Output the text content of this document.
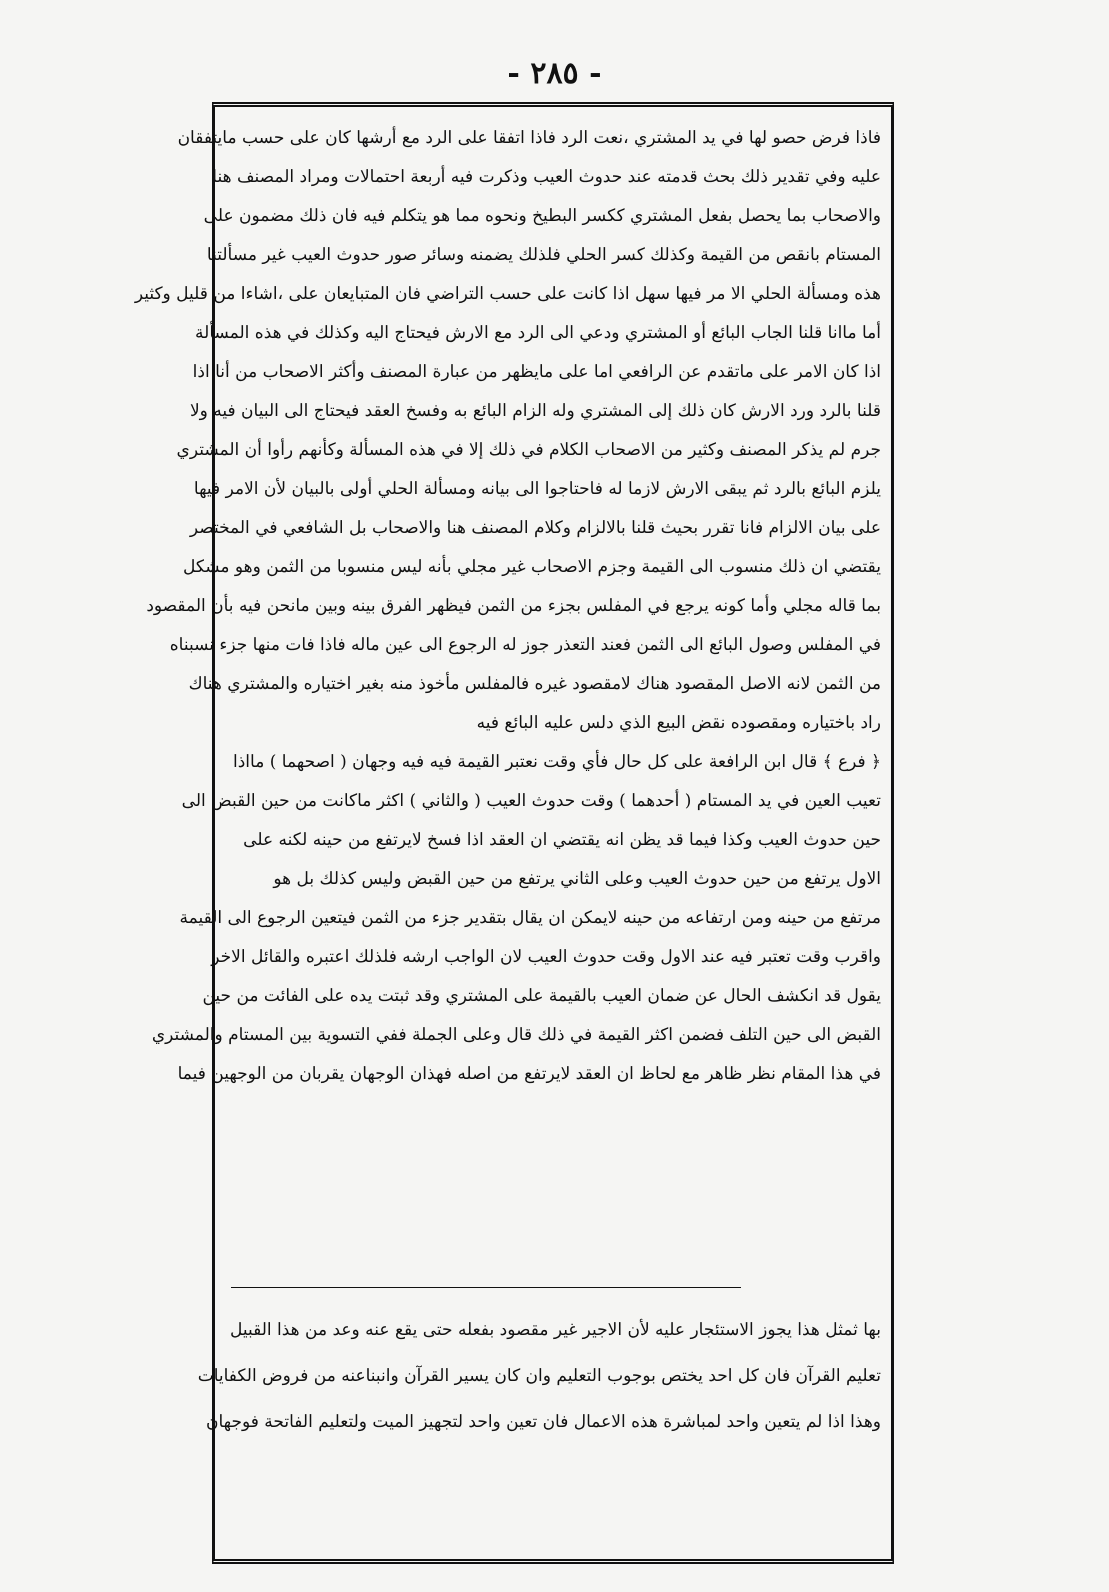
- ٢٨٥ -
فاذا فرض حصو لها في يد المشتري ،نعت الرد فاذا اتفقا على الرد مع أرشها كان على حسب مايتفقان
عليه وفي تقدير ذلك بحث قدمته عند حدوث العيب وذكرت فيه أربعة احتمالات ومراد المصنف هنا
والاصحاب بما يحصل بفعل المشتري ككسر البطيخ ونحوه مما هو يتكلم فيه فان ذلك مضمون على
المستام بانقص من القيمة وكذلك كسر الحلي فلذلك يضمنه وسائر صور حدوث العيب غير مسألتنا
هذه ومسألة الحلي الا مر فيها سهل اذا كانت على حسب التراضي فان المتبايعان على ،اشاءا من قليل وكثير
أما ماانا قلنا الجاب البائع أو المشتري ودعي الى الرد مع الارش فيحتاج اليه وكذلك في هذه المسألة
اذا كان الامر على ماتقدم عن الرافعي اما على مايظهر من عبارة المصنف وأكثر الاصحاب من أنا اذا
قلنا بالرد ورد الارش كان ذلك إلى المشتري وله الزام البائع به وفسخ العقد فيحتاج الى البيان فيه ولا
جرم لم يذكر المصنف وكثير من الاصحاب الكلام في ذلك إلا في هذه المسألة وكأنهم رأوا أن المشتري
يلزم البائع بالرد ثم يبقى الارش لازما له فاحتاجوا الى بيانه ومسألة الحلي أولى بالبيان لأن الامر فيها
على بيان الالزام فانا تقرر بحيث قلنا بالالزام وكلام المصنف هنا والاصحاب بل الشافعي في المختصر
يقتضي ان ذلك منسوب الى القيمة وجزم الاصحاب غير مجلي بأنه ليس منسوبا من الثمن وهو مشكل
بما قاله مجلي وأما كونه يرجع في المفلس بجزء من الثمن فيظهر الفرق بينه وبين مانحن فيه بأن المقصود
في المفلس وصول البائع الى الثمن فعند التعذر جوز له الرجوع الى عين ماله فاذا فات منها جزء نسبناه
من الثمن لانه الاصل المقصود هناك لامقصود غيره فالمفلس مأخوذ منه بغير اختياره والمشتري هناك
راد باختياره ومقصوده نقض البيع الذي دلس عليه البائع فيه
﴿ فرع ﴾ قال ابن الرافعة على كل حال فأي وقت نعتبر القيمة فيه فيه وجهان ( اصحهما ) مااذا
تعيب العين في يد المستام ( أحدهما ) وقت حدوث العيب ( والثاني ) اكثر ماكانت من حين القبض الى
حين حدوث العيب وكذا فيما قد يظن انه يقتضي ان العقد اذا فسخ لايرتفع من حينه لكنه على
الاول يرتفع من حين حدوث العيب وعلى الثاني يرتفع من حين القبض وليس كذلك بل هو
مرتفع من حينه ومن ارتفاعه من حينه لايمكن ان يقال بتقدير جزء من الثمن فيتعين الرجوع الى القيمة
واقرب وقت تعتبر فيه عند الاول وقت حدوث العيب لان الواجب ارشه فلذلك اعتبره والقائل الاخر
يقول قد انكشف الحال عن ضمان العيب بالقيمة على المشتري وقد ثبتت يده على الفائت من حين
القبض الى حين التلف فضمن اكثر القيمة في ذلك قال وعلى الجملة ففي التسوية بين المستام والمشتري
في هذا المقام نظر ظاهر مع لحاظ ان العقد لايرتفع من اصله فهذان الوجهان يقربان من الوجهين فيما
بها ثمثل هذا يجوز الاستئجار عليه لأن الاجير غير مقصود بفعله حتى يقع عنه وعد من هذا القبيل
تعليم القرآن فان كل احد يختص بوجوب التعليم وان كان يسير القرآن وانبناعنه من فروض الكفايات
وهذا اذا لم يتعين واحد لمباشرة هذه الاعمال فان تعين واحد لتجهيز الميت ولتعليم الفاتحة فوجهان
